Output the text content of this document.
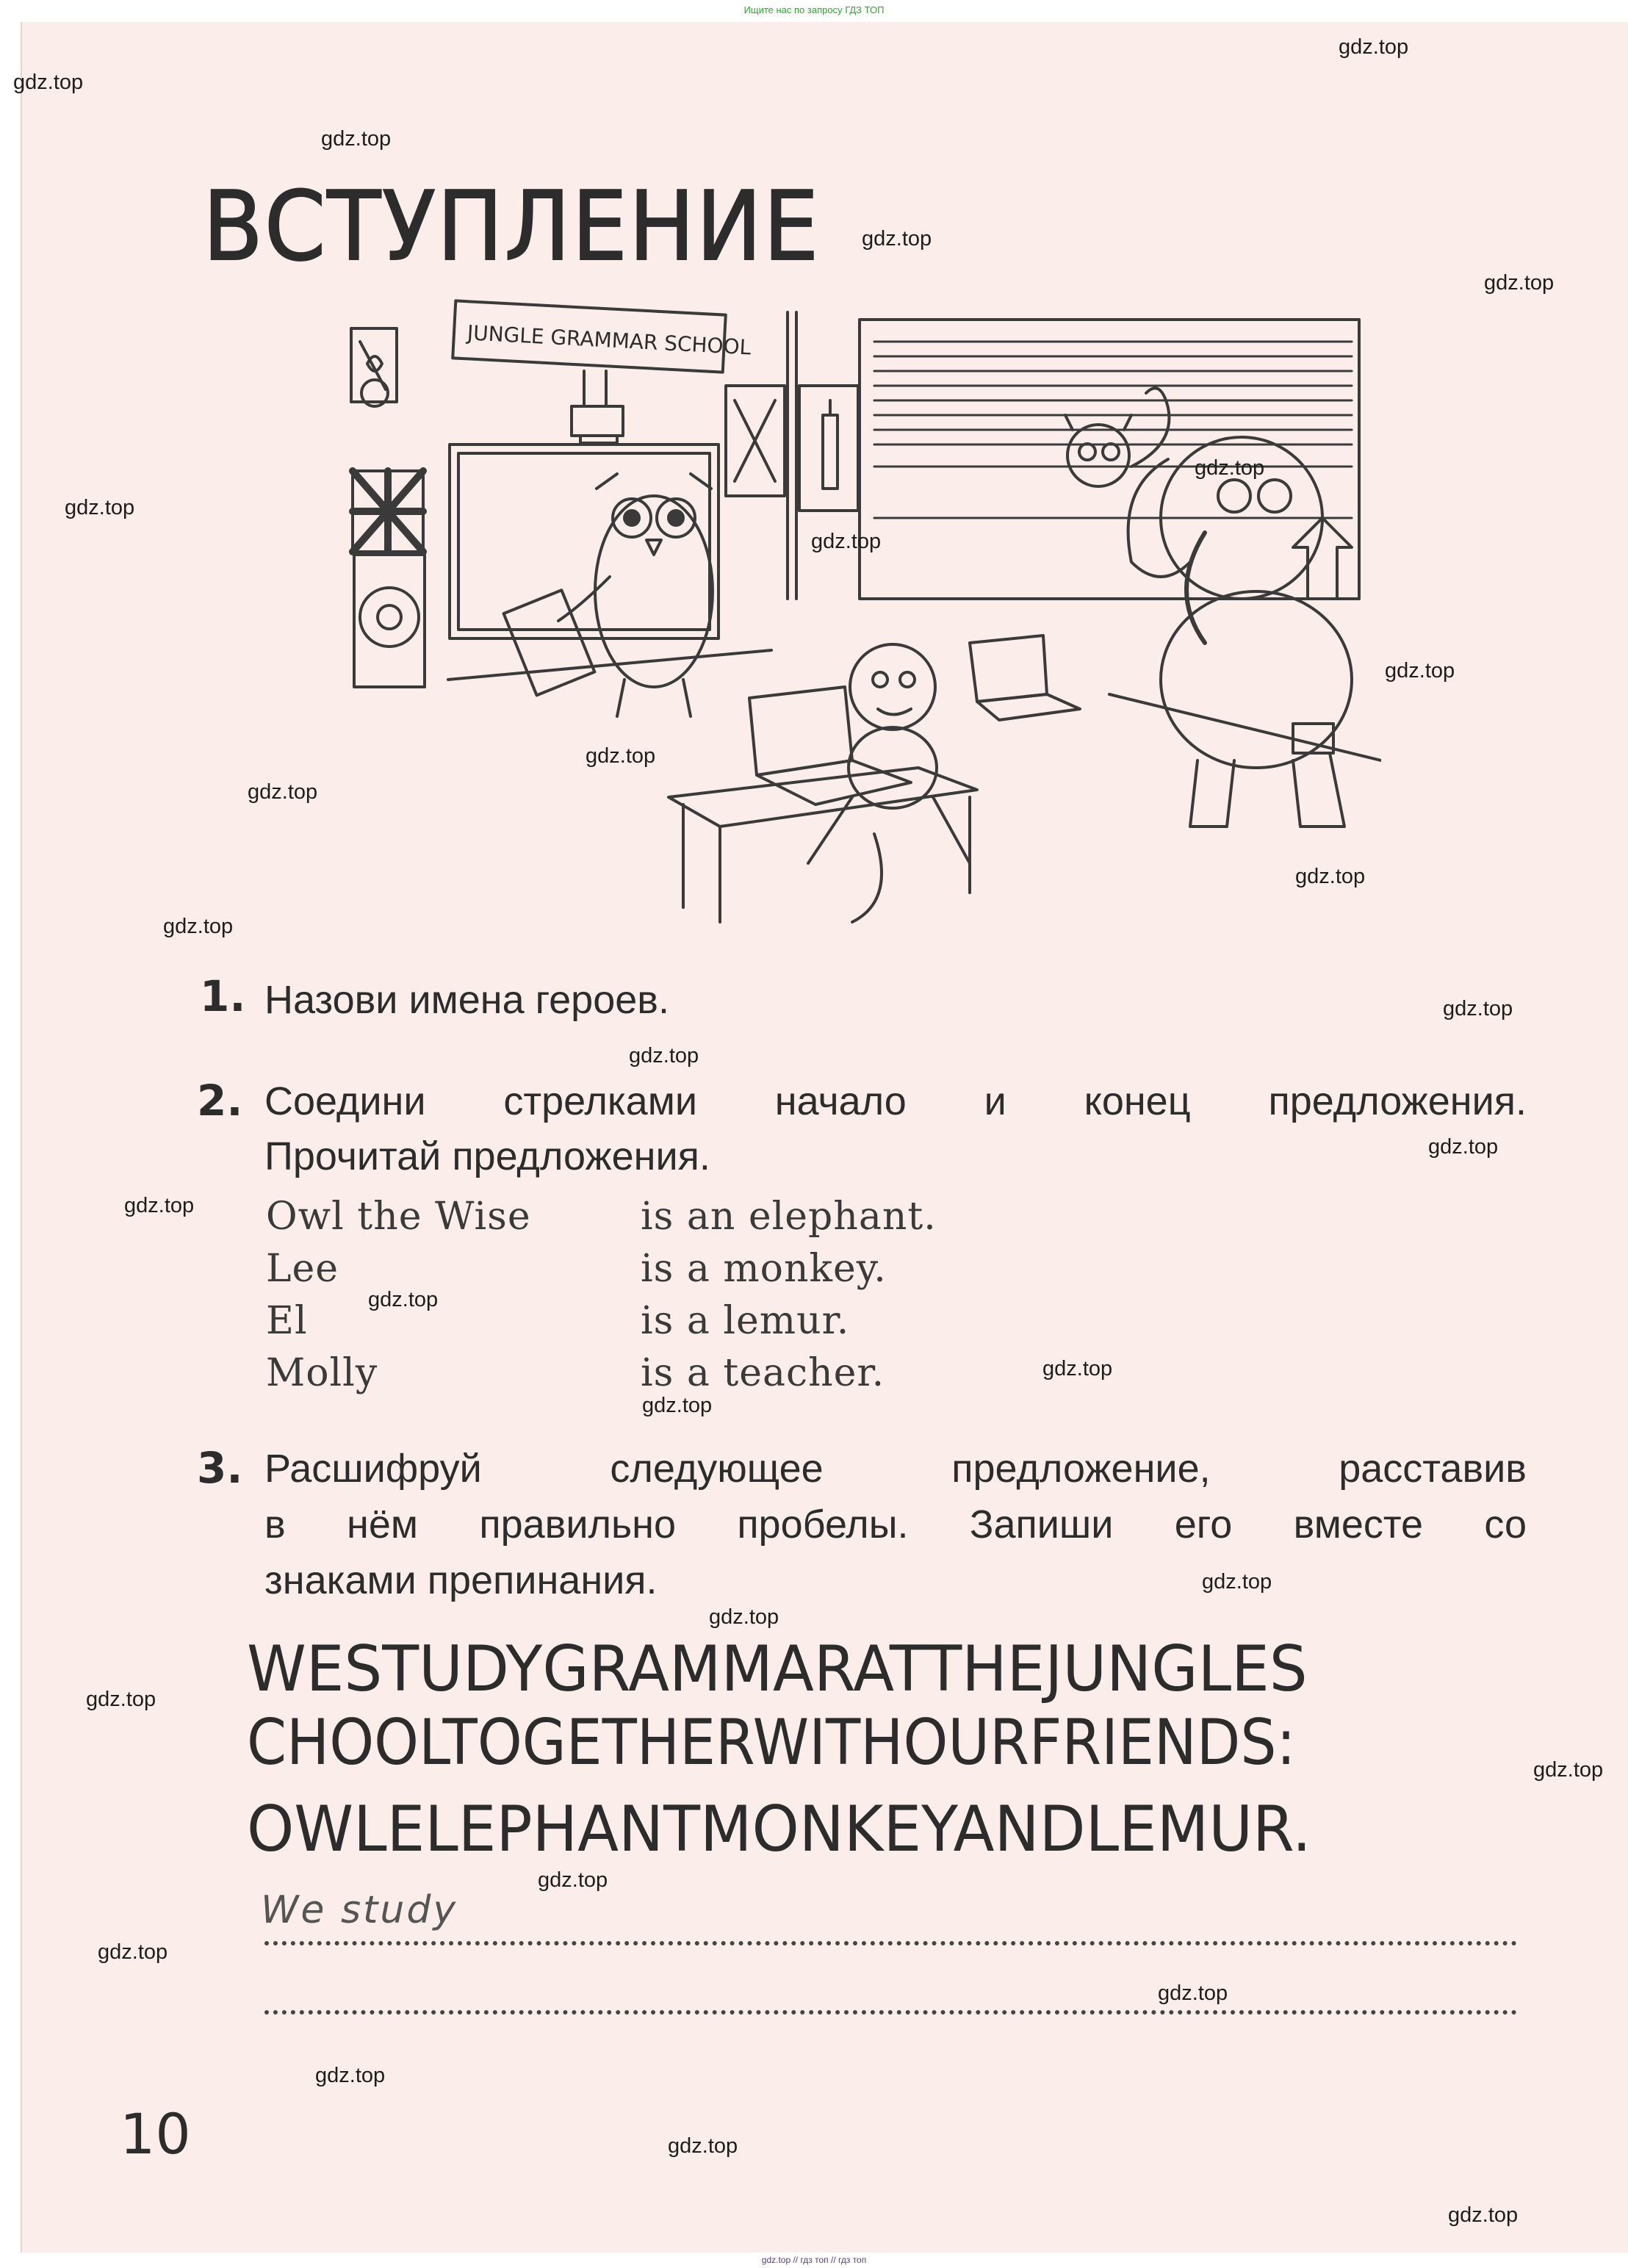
Ищите нас по запросу ГДЗ ТОП
ВСТУПЛЕНИЕ
JUNGLE GRAMMAR SCHOOL
1. Назови имена героев.
2. Соедини стрелками начало и конец предложения.
Прочитай предложения.
Owl the Wise
Lee
El
Molly
is an elephant.
is a monkey.
is a lemur.
is a teacher.
3. Расшифруй следующее предложение, расставив
в нём правильно пробелы. Запиши его вместе со
знаками препинания.
WESTUDYGRAMMARATTHEJUNGLES
CHOOLTOGETHERWITHOURFRIENDS:
OWLELEPHANTMONKEYANDLEMUR.
We study
10
gdz.top
gdz.top
gdz.top
gdz.top
gdz.top
gdz.top
gdz.top
gdz.top
gdz.top
gdz.top
gdz.top
gdz.top
gdz.top
gdz.top
gdz.top
gdz.top
gdz.top
gdz.top
gdz.top
gdz.top
gdz.top
gdz.top
gdz.top
gdz.top
gdz.top
gdz.top
gdz.top
gdz.top
gdz.top
gdz.top
gdz.top // гдз топ // гдз топ
